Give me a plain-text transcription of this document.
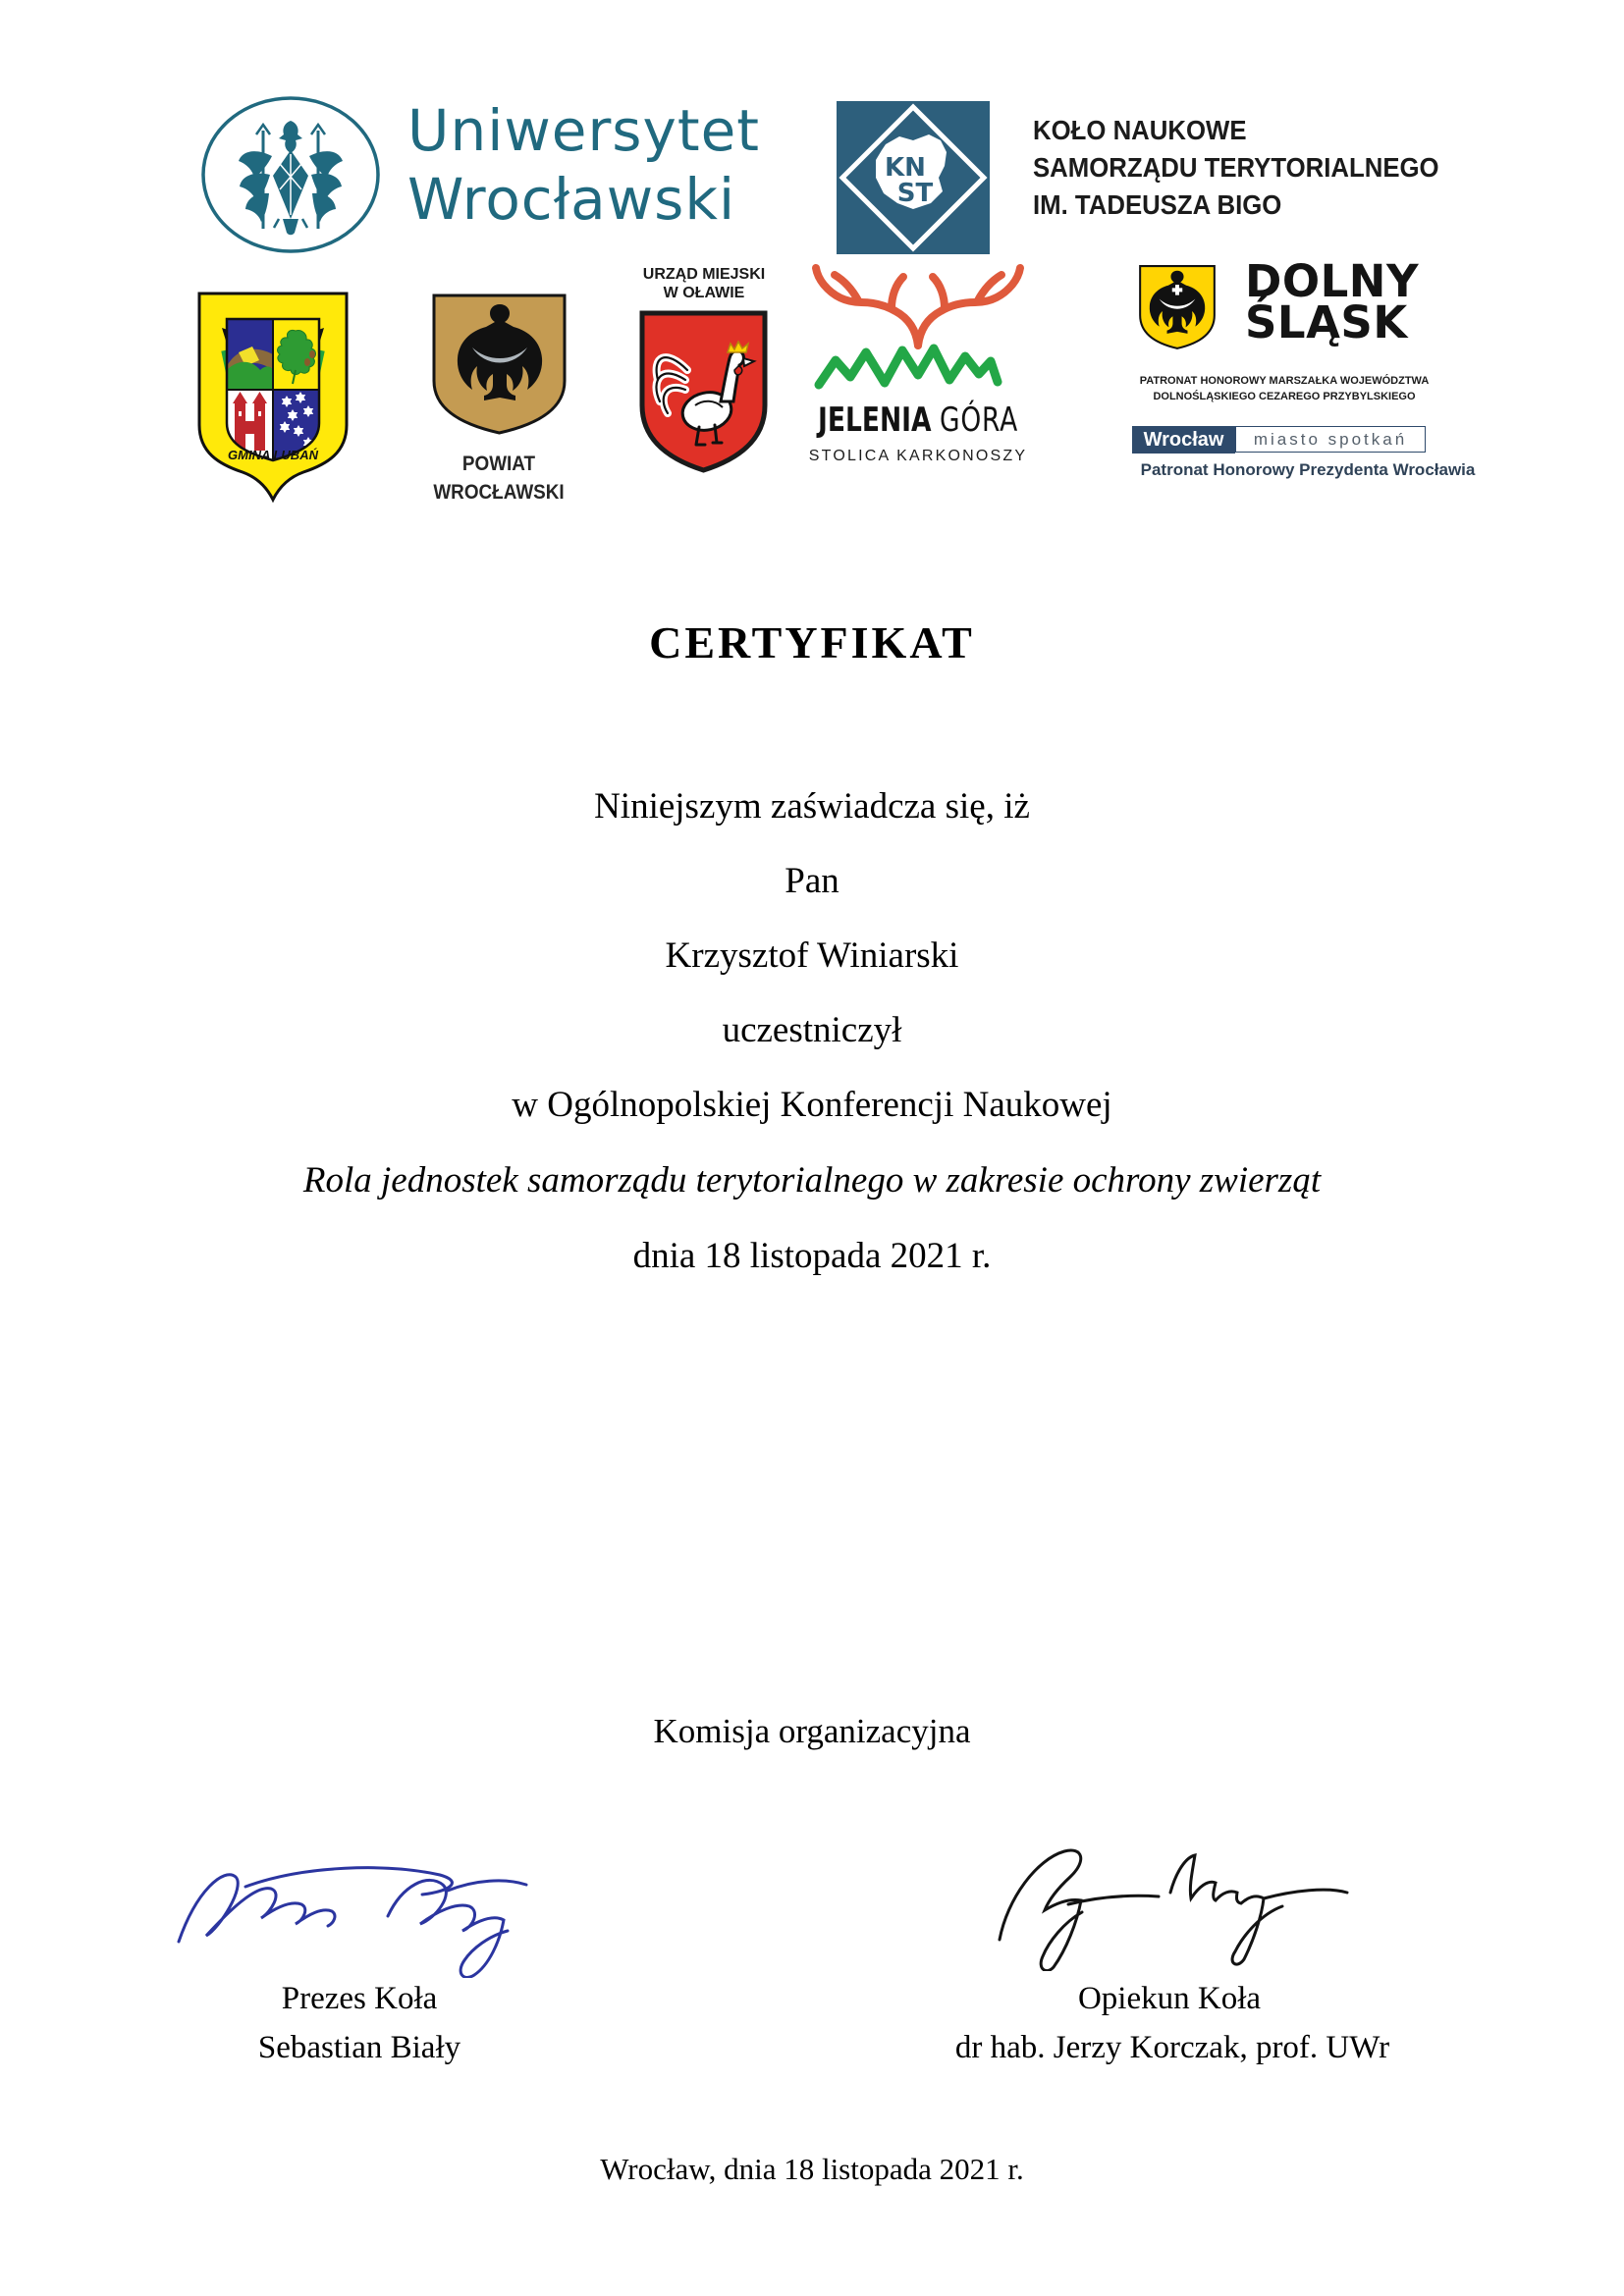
Uniwersytet
Wrocławski	KN
ST
KOŁO NAUKOWE
SAMORZĄDU TERYTORIALNEGO
IM. TADEUSZA BIGO
GMINA LUBAŃ	POWIAT
WROCŁAWSKI
URZĄD MIEJSKI
W OŁAWIE
JELENIA GÓRA
STOLICA KARKONOSZY
DOLNY
ŚLĄSK
PATRONAT HONOROWY MARSZAŁKA WOJEWÓDZTWA
DOLNOŚLĄSKIEGO CEZAREGO PRZYBYLSKIEGO
Wrocław	miasto spotkań
Patronat Honorowy Prezydenta Wrocławia
CERTYFIKAT
Niniejszym zaświadcza się, iż
Pan
Krzysztof Winiarski
uczestniczył
w Ogólnopolskiej Konferencji Naukowej
Rola jednostek samorządu terytorialnego w zakresie ochrony zwierząt
dnia 18 listopada 2021 r.
Komisja organizacyjna
Prezes Koła	Opiekun Koła
Sebastian Biały	dr hab. Jerzy Korczak, prof. UWr
Wrocław, dnia 18 listopada 2021 r.
